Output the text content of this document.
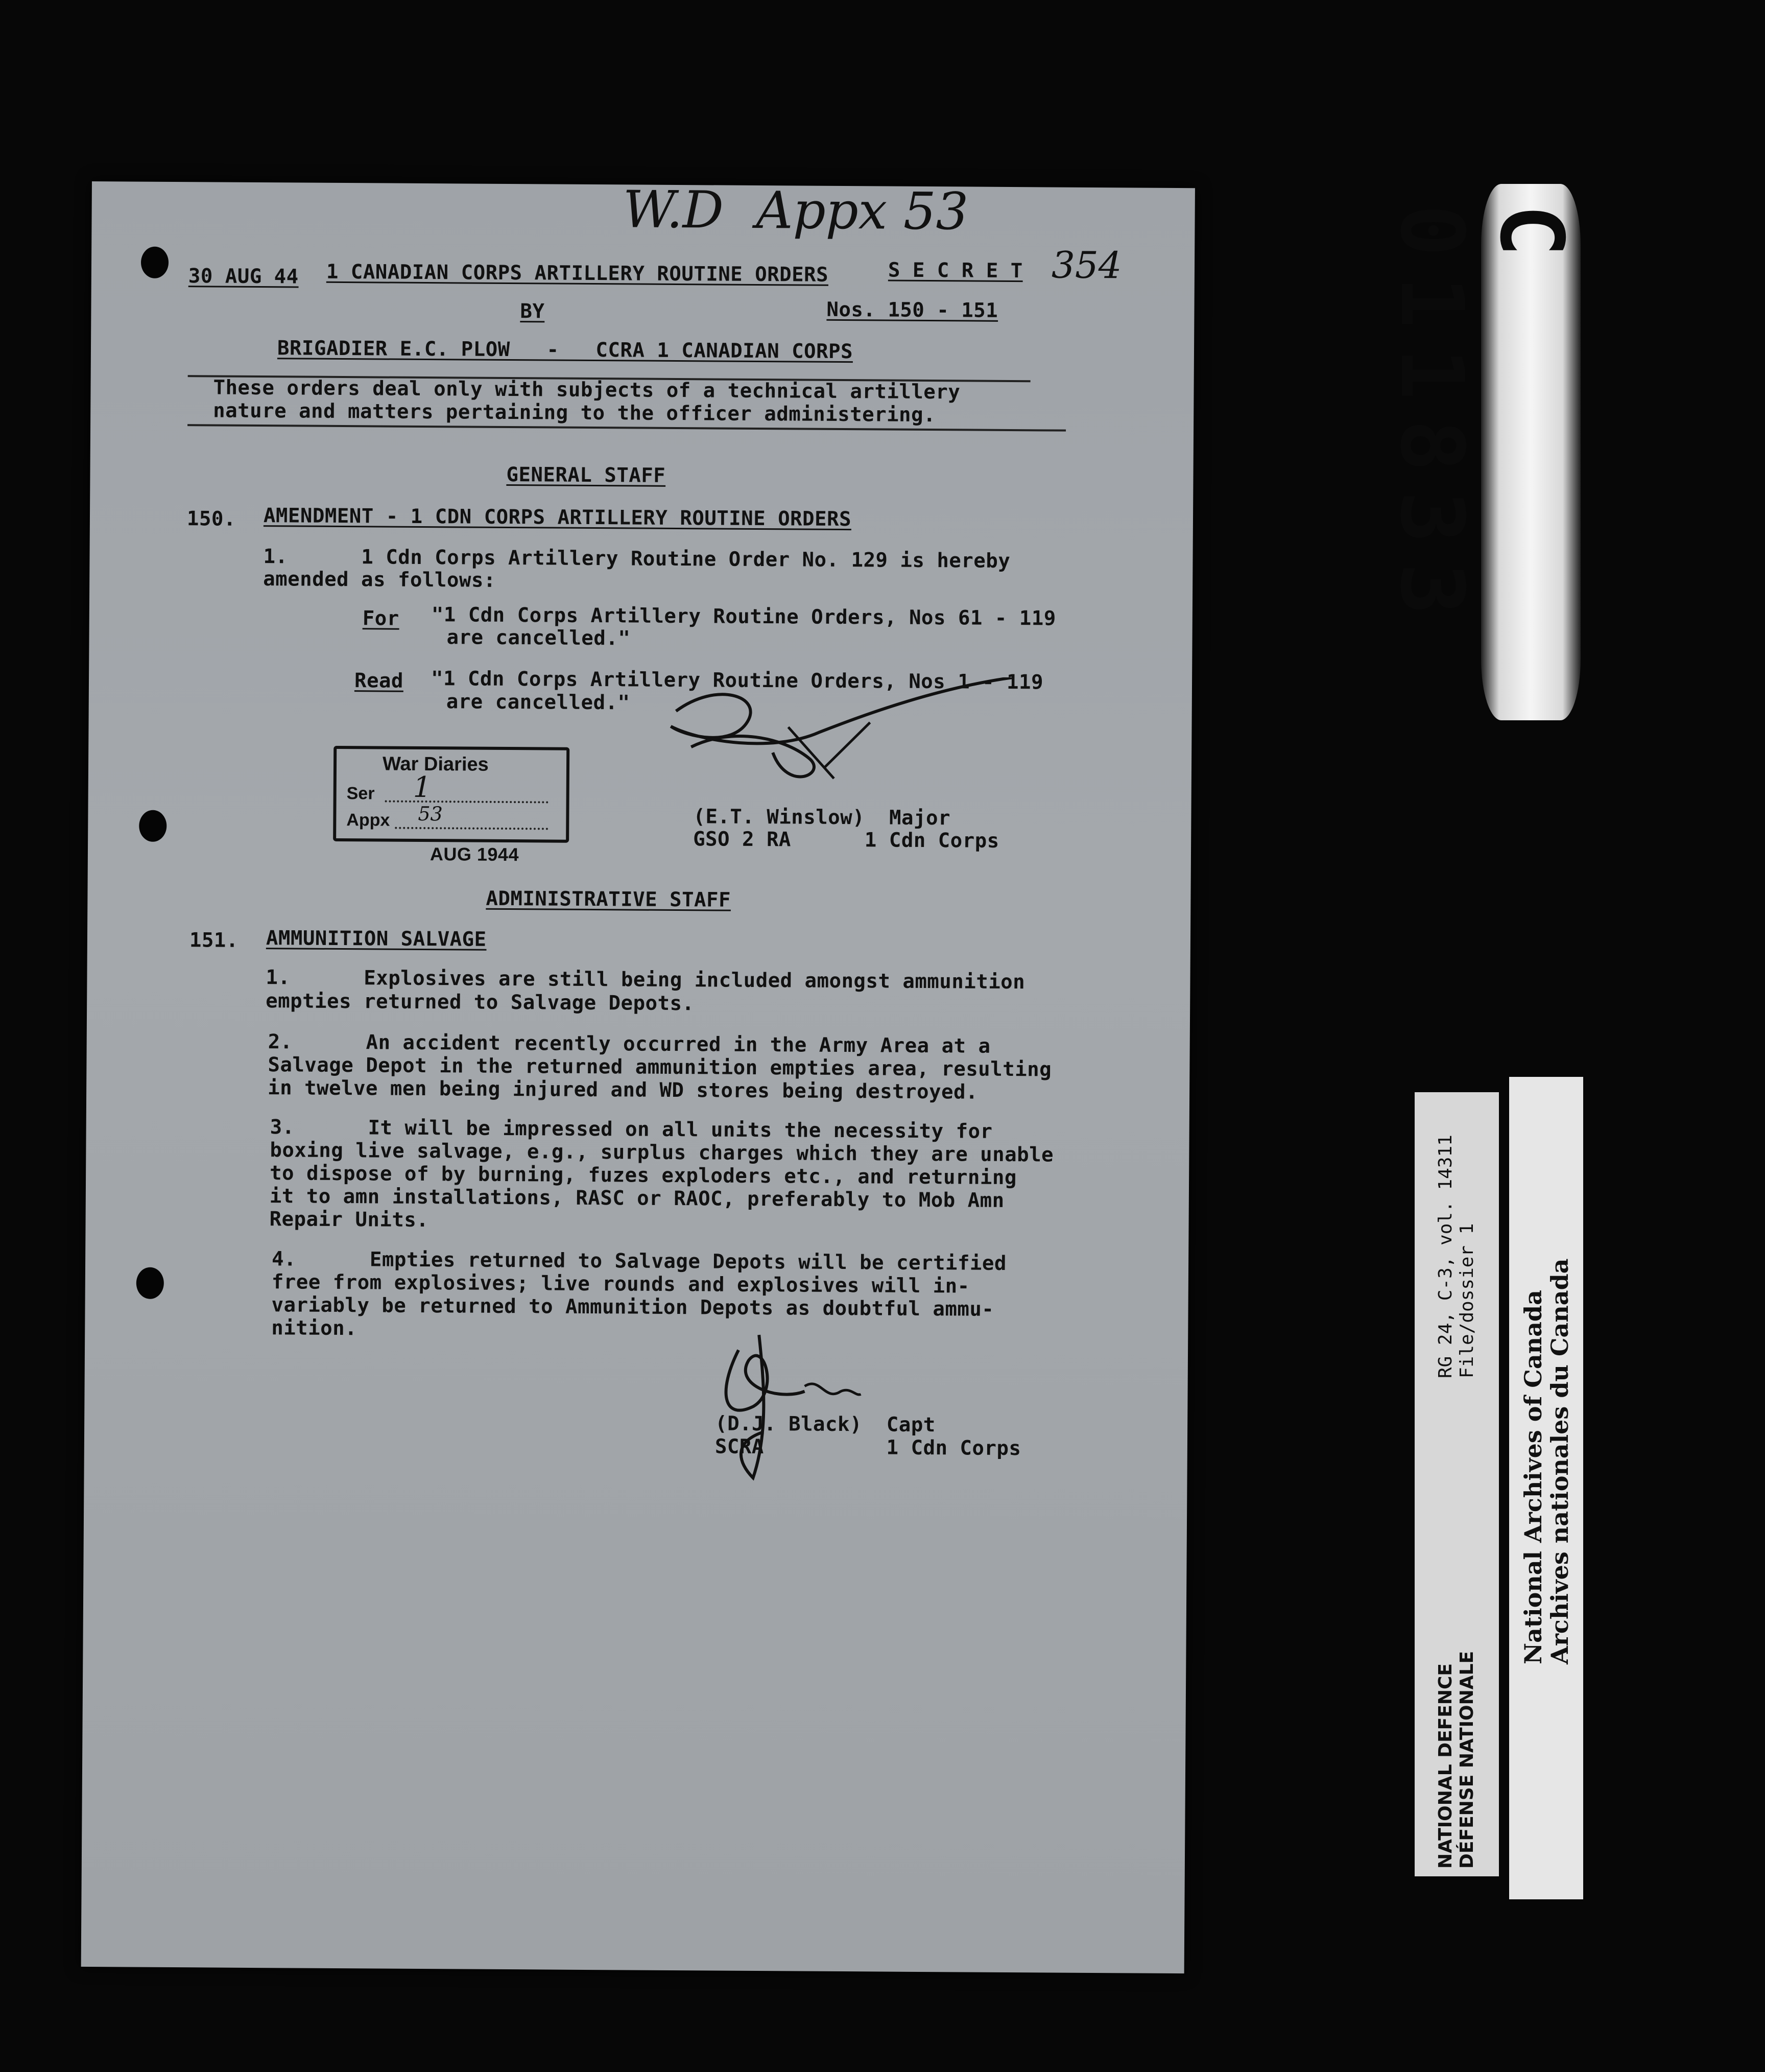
W.D  Appx 53
30 AUG 44 1 CANADIAN CORPS ARTILLERY ROUTINE ORDERS	S E C R E T 354
BY	Nos. 150 - 151
BRIGADIER E.C. PLOW   -   CCRA 1 CANADIAN CORPS
These orders deal only with subjects of a technical artillery
nature and matters pertaining to the officer administering.
GENERAL STAFF
150. AMENDMENT - 1 CDN CORPS ARTILLERY ROUTINE ORDERS
1.      1 Cdn Corps Artillery Routine Order No. 129 is hereby
amended as follows:
For "1 Cdn Corps Artillery Routine Orders, Nos 61 - 119
are cancelled."
Read "1 Cdn Corps Artillery Routine Orders, Nos 1 - 119
are cancelled."
(E.T. Winslow)  Major
GSO 2 RA      1 Cdn Corps
War Diaries
Ser 1
Appx 53
AUG 1944
ADMINISTRATIVE STAFF
151. AMMUNITION SALVAGE
1.      Explosives are still being included amongst ammunition
empties returned to Salvage Depots.
2.      An accident recently occurred in the Army Area at a
Salvage Depot in the returned ammunition empties area, resulting
in twelve men being injured and WD stores being destroyed.
3.      It will be impressed on all units the necessity for
boxing live salvage, e.g., surplus charges which they are unable
to dispose of by burning, fuzes exploders etc., and returning
it to amn installations, RASC or RAOC, preferably to Mob Amn
Repair Units.
4.      Empties returned to Salvage Depots will be certified
free from explosives; live rounds and explosives will in-
variably be returned to Ammunition Depots as doubtful ammu-
nition.
(D.J. Black)  Capt
SCRA          1 Cdn Corps
C 011833
NATIONAL DEFENCE DÉFENSE NATIONALE
RG 24, C-3, vol. 14311 File/dossier 1 National Archives of Canada
Archives nationales du Canada
